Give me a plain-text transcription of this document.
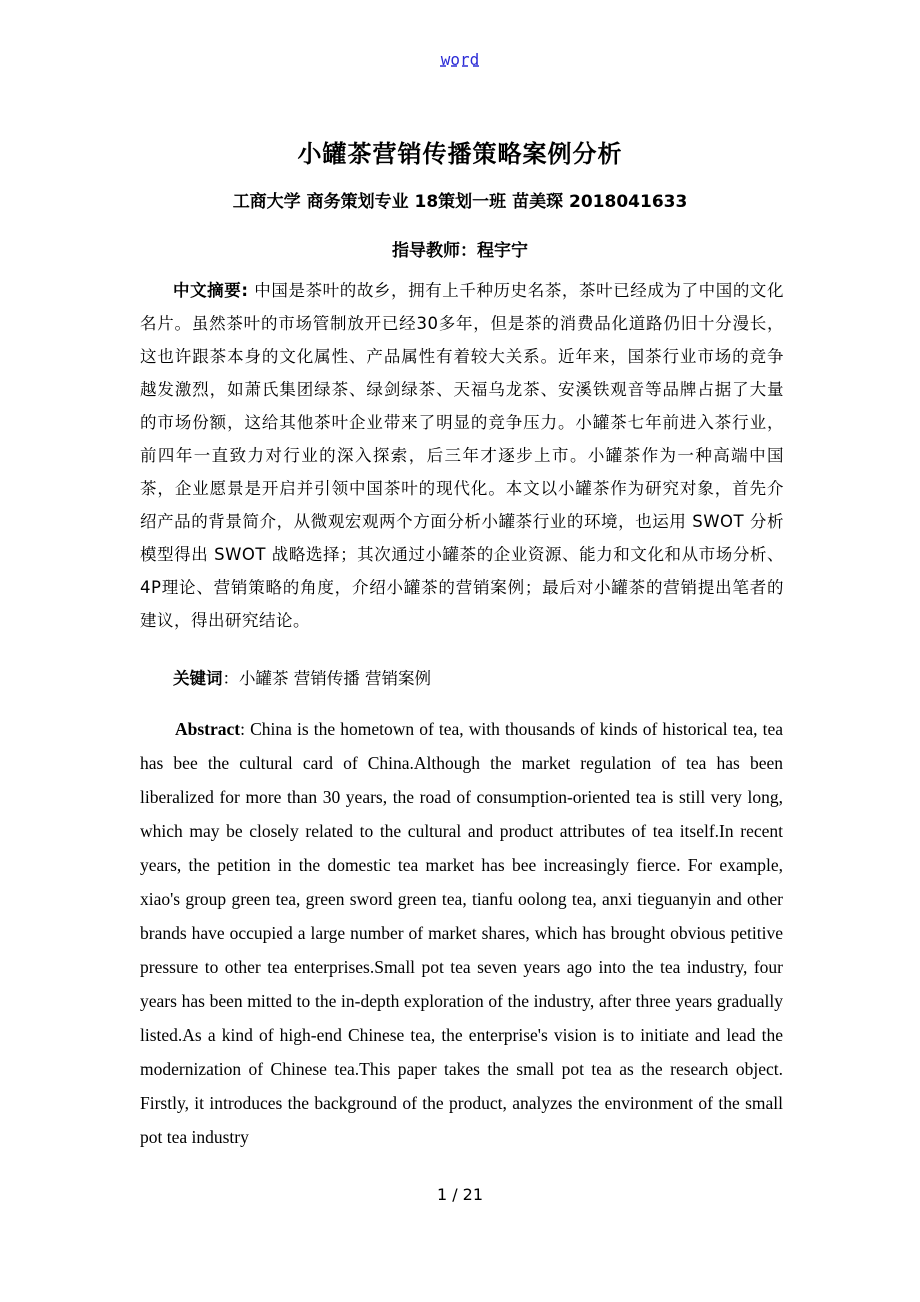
word
小罐茶营销传播策略案例分析
工商大学 商务策划专业 18策划一班 苗美琛 2018041633
指导教师：程宇宁
中文摘要: 中国是茶叶的故乡，拥有上千种历史名茶，茶叶已经成为了中国的文化名片。虽然茶叶的市场管制放开已经30多年，但是茶的消费品化道路仍旧十分漫长，这也许跟茶本身的文化属性、产品属性有着较大关系。近年来，国茶行业市场的竞争越发激烈，如萧氏集团绿茶、绿剑绿茶、天福乌龙茶、安溪铁观音等品牌占据了大量的市场份额，这给其他茶叶企业带来了明显的竞争压力。小罐茶七年前进入茶行业，前四年一直致力对行业的深入探索，后三年才逐步上市。小罐茶作为一种高端中国茶，企业愿景是开启并引领中国茶叶的现代化。本文以小罐茶作为研究对象，首先介绍产品的背景简介，从微观宏观两个方面分析小罐茶行业的环境，也运用 SWOT 分析模型得出 SWOT 战略选择；其次通过小罐茶的企业资源、能力和文化和从市场分析、4P理论、营销策略的角度，介绍小罐茶的营销案例；最后对小罐茶的营销提出笔者的建议，得出研究结论。
关键词：小罐茶 营销传播 营销案例
Abstract: China is the hometown of tea, with thousands of kinds of historical tea, tea has bee the cultural card of China.Although the market regulation of tea has been liberalized for more than 30 years, the road of consumption-oriented tea is still very long, which may be closely related to the cultural and product attributes of tea itself.In recent years, the petition in the domestic tea market has bee increasingly fierce. For example, xiao's group green tea, green sword green tea, tianfu oolong tea, anxi tieguanyin and other brands have occupied a large number of market shares, which has brought obvious petitive pressure to other tea enterprises.Small pot tea seven years ago into the tea industry, four years has been mitted to the in-depth exploration of the industry, after three years gradually listed.As a kind of high-end Chinese tea, the enterprise's vision is to initiate and lead the modernization of Chinese tea.This paper takes the small pot tea as the research object. Firstly, it introduces the background of the product, analyzes the environment of the small pot tea industry
1 / 21
